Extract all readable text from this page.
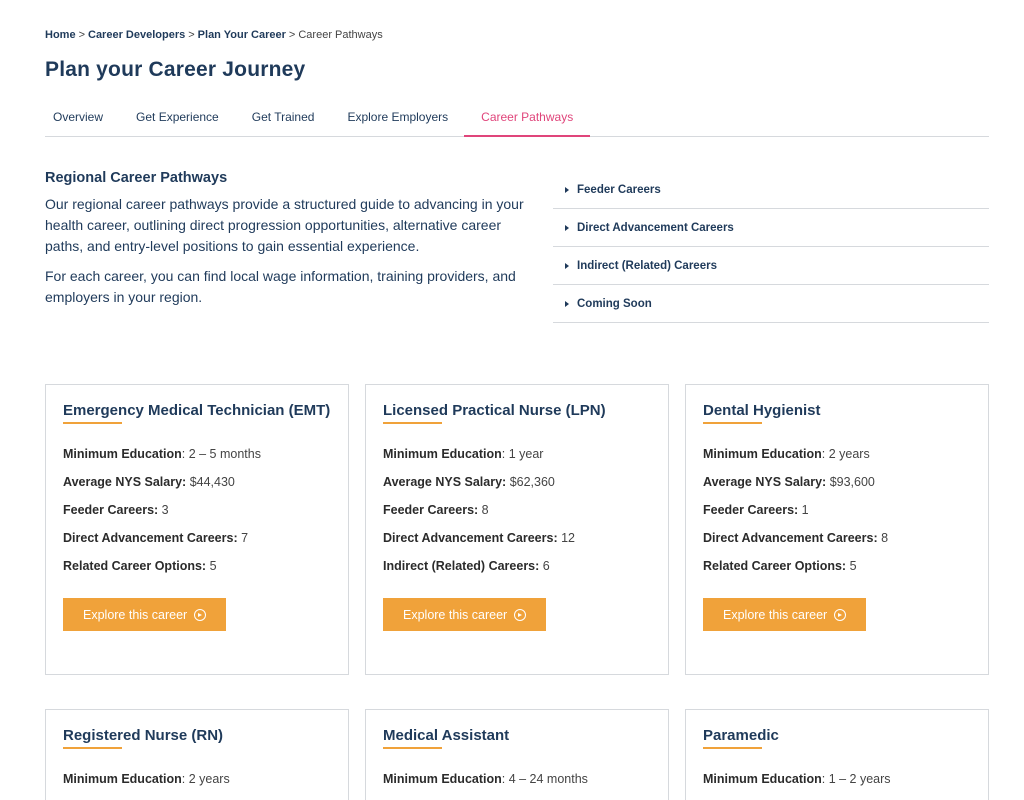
Home > Career Developers > Plan Your Career > Career Pathways
Plan your Career Journey
Overview	Get Experience	Get Trained	Explore Employers	Career Pathways
Regional Career Pathways

Our regional career pathways provide a structured guide to advancing in your health career, outlining direct progression opportunities, alternative career paths, and entry-level positions to gain essential experience.

For each career, you can find local wage information, training providers, and employers in your region.

Feeder Careers
Direct Advancement Careers
Indirect (Related) Careers
Coming Soon
Emergency Medical Technician (EMT)
Minimum Education: 2 – 5 months
Average NYS Salary: $44,430
Feeder Careers: 3
Direct Advancement Careers: 7
Related Career Options: 5
Explore this career
Licensed Practical Nurse (LPN)
Minimum Education: 1 year
Average NYS Salary: $62,360
Feeder Careers: 8
Direct Advancement Careers: 12
Indirect (Related) Careers: 6
Explore this career
Dental Hygienist
Minimum Education: 2 years
Average NYS Salary: $93,600
Feeder Careers: 1
Direct Advancement Careers: 8
Related Career Options: 5
Explore this career
Registered Nurse (RN)
Minimum Education: 2 years
Medical Assistant
Minimum Education: 4 – 24 months
Paramedic
Minimum Education: 1 – 2 years
